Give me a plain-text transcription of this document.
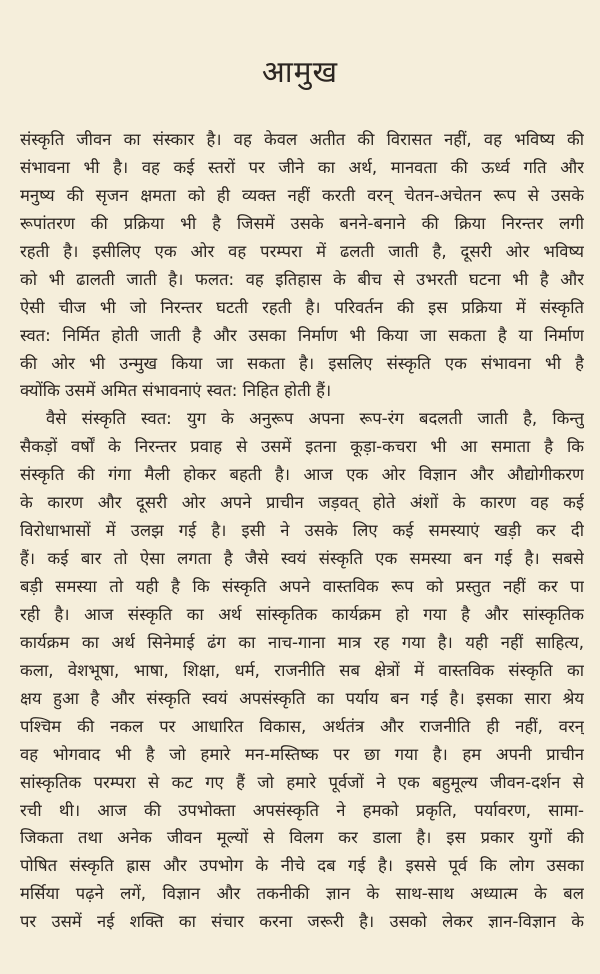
आमुख
संस्कृति जीवन का संस्कार है। वह केवल अतीत की विरासत नहीं, वह भविष्य की
संभावना भी है। वह कई स्तरों पर जीने का अर्थ, मानवता की ऊर्ध्व गति और
मनुष्य की सृजन क्षमता को ही व्यक्त नहीं करती वरन् चेतन-अचेतन रूप से उसके
रूपांतरण की प्रक्रिया भी है जिसमें उसके बनने-बनाने की क्रिया निरन्तर लगी
रहती है। इसीलिए एक ओर वह परम्परा में ढलती जाती है, दूसरी ओर भविष्य
को भी ढालती जाती है। फलत: वह इतिहास के बीच से उभरती घटना भी है और
ऐसी चीज भी जो निरन्तर घटती रहती है। परिवर्तन की इस प्रक्रिया में संस्कृति
स्वत: निर्मित होती जाती है और उसका निर्माण भी किया जा सकता है या निर्माण
की ओर भी उन्मुख किया जा सकता है। इसलिए संस्कृति एक संभावना भी है
क्योंकि उसमें अमित संभावनाएं स्वत: निहित होती हैं।
वैसे संस्कृति स्वत: युग के अनुरूप अपना रूप-रंग बदलती जाती है, किन्तु
सैकड़ों वर्षों के निरन्तर प्रवाह से उसमें इतना कूड़ा-कचरा भी आ समाता है कि
संस्कृति की गंगा मैली होकर बहती है। आज एक ओर विज्ञान और औद्योगीकरण
के कारण और दूसरी ओर अपने प्राचीन जड़वत् होते अंशों के कारण वह कई
विरोधाभासों में उलझ गई है। इसी ने उसके लिए कई समस्याएं खड़ी कर दी
हैं। कई बार तो ऐसा लगता है जैसे स्वयं संस्कृति एक समस्या बन गई है। सबसे
बड़ी समस्या तो यही है कि संस्कृति अपने वास्तविक रूप को प्रस्तुत नहीं कर पा
रही है। आज संस्कृति का अर्थ सांस्कृतिक कार्यक्रम हो गया है और सांस्कृतिक
कार्यक्रम का अर्थ सिनेमाई ढंग का नाच-गाना मात्र रह गया है। यही नहीं साहित्य,
कला, वेशभूषा, भाषा, शिक्षा, धर्म, राजनीति सब क्षेत्रों में वास्तविक संस्कृति का
क्षय हुआ है और संस्कृति स्वयं अपसंस्कृति का पर्याय बन गई है। इसका सारा श्रेय
पश्चिम की नकल पर आधारित विकास, अर्थतंत्र और राजनीति ही नहीं, वरन्
वह भोगवाद भी है जो हमारे मन-मस्तिष्क पर छा गया है। हम अपनी प्राचीन
सांस्कृतिक परम्परा से कट गए हैं जो हमारे पूर्वजों ने एक बहुमूल्य जीवन-दर्शन से
रची थी। आज की उपभोक्ता अपसंस्कृति ने हमको प्रकृति, पर्यावरण, सामा-
जिकता तथा अनेक जीवन मूल्यों से विलग कर डाला है। इस प्रकार युगों की
पोषित संस्कृति ह्रास और उपभोग के नीचे दब गई है। इससे पूर्व कि लोग उसका
मर्सिया पढ़ने लगें, विज्ञान और तकनीकी ज्ञान के साथ-साथ अध्यात्म के बल
पर उसमें नई शक्ति का संचार करना जरूरी है। उसको लेकर ज्ञान-विज्ञान के
